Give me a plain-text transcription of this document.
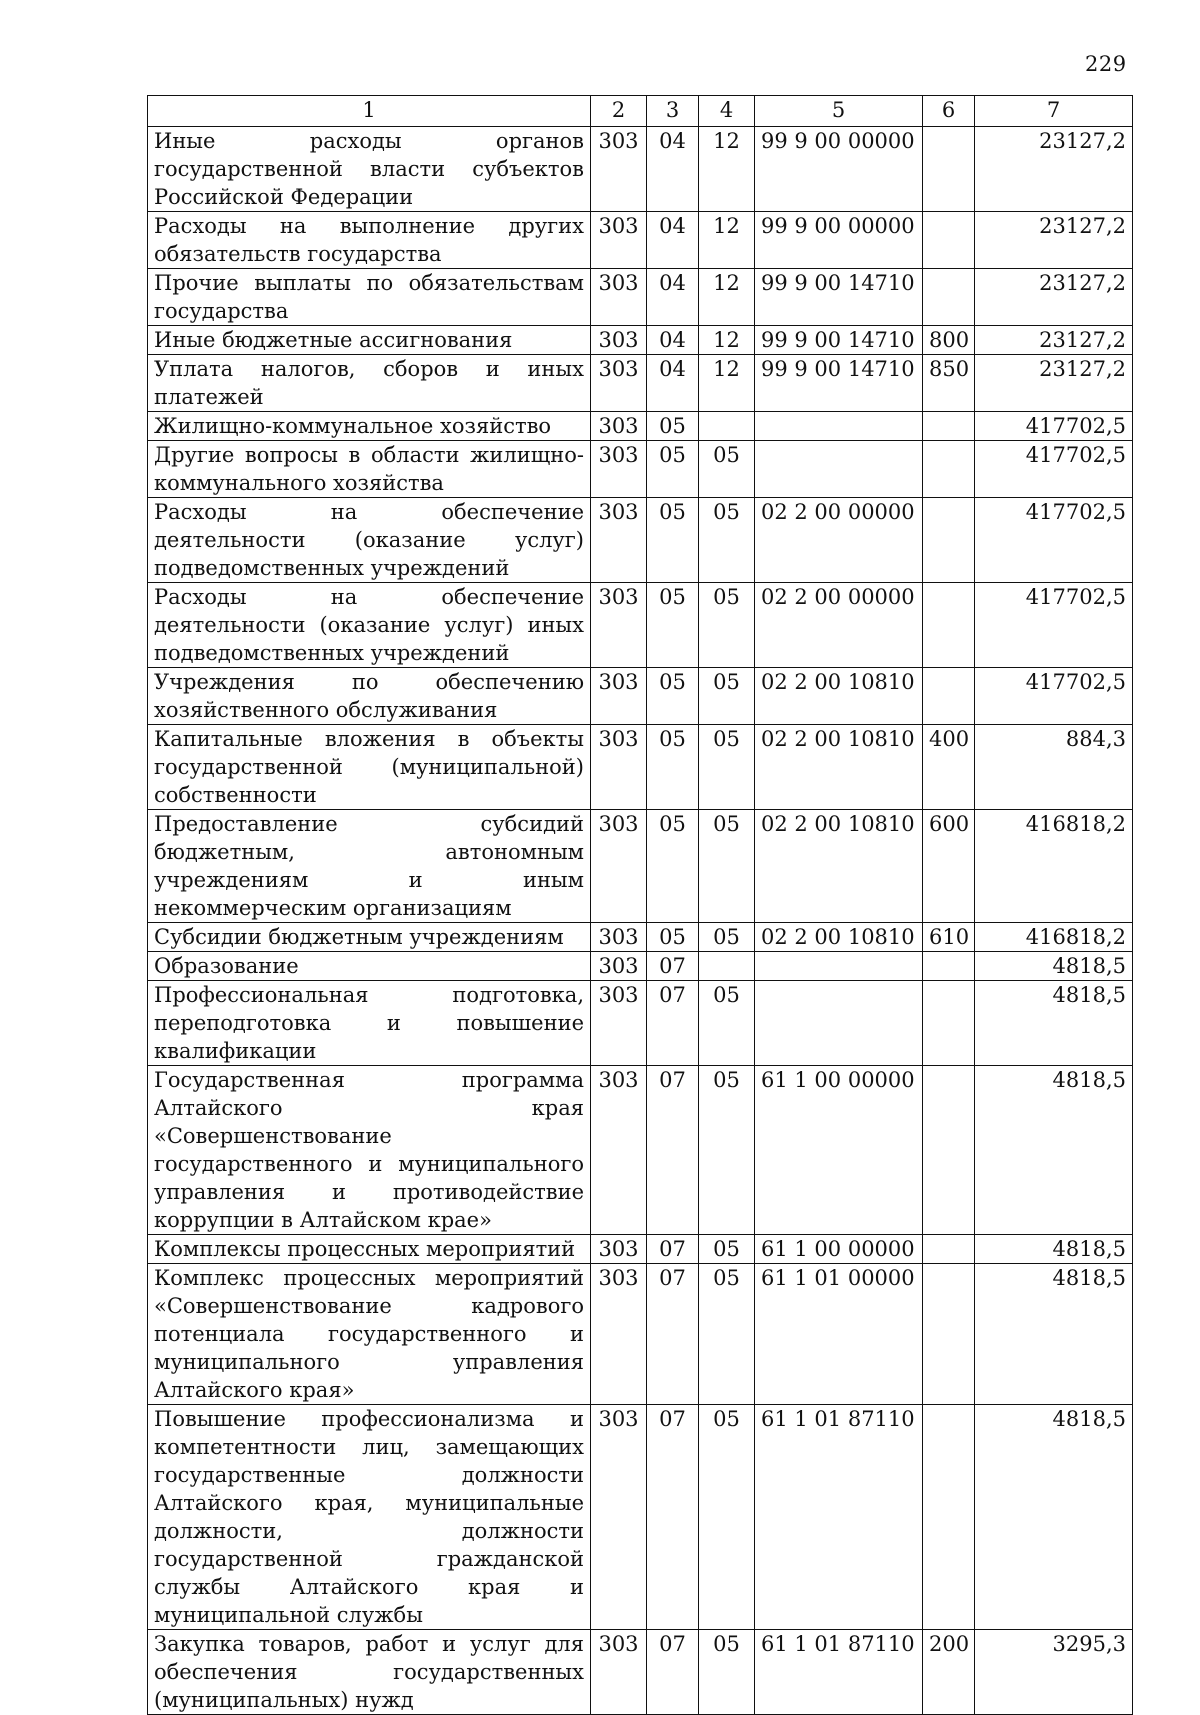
229
1	2	3	4	5	6	7
Иные расходы органов государственной власти субъектов Российской Федерации	303	04	12	99 9 00 00000		23127,2
Расходы на выполнение других обязательств государства	303	04	12	99 9 00 00000		23127,2
Прочие выплаты по обязательствам государства	303	04	12	99 9 00 14710		23127,2
Иные бюджетные ассигнования	303	04	12	99 9 00 14710	800	23127,2
Уплата налогов, сборов и иных платежей	303	04	12	99 9 00 14710	850	23127,2
Жилищно-коммунальное хозяйство	303	05				417702,5
Другие вопросы в области жилищно-коммунального хозяйства	303	05	05			417702,5
Расходы на обеспечение деятельности (оказание услуг) подведомственных учреждений	303	05	05	02 2 00 00000		417702,5
Расходы на обеспечение деятельности (оказание услуг) иных подведомственных учреждений	303	05	05	02 2 00 00000		417702,5
Учреждения по обеспечению хозяйственного обслуживания	303	05	05	02 2 00 10810		417702,5
Капитальные вложения в объекты государственной (муниципальной) собственности	303	05	05	02 2 00 10810	400	884,3
Предоставление субсидий бюджетным, автономным учреждениям и иным некоммерческим организациям	303	05	05	02 2 00 10810	600	416818,2
Субсидии бюджетным учреждениям	303	05	05	02 2 00 10810	610	416818,2
Образование	303	07				4818,5
Профессиональная подготовка, переподготовка и повышение квалификации	303	07	05			4818,5
Государственная программа Алтайского края «Совершенствование государственного и муниципального управления и противодействие коррупции в Алтайском крае»	303	07	05	61 1 00 00000		4818,5
Комплексы процессных мероприятий	303	07	05	61 1 00 00000		4818,5
Комплекс процессных мероприятий «Совершенствование кадрового потенциала государственного и муниципального управления Алтайского края»	303	07	05	61 1 01 00000		4818,5
Повышение профессионализма и компетентности лиц, замещающих государственные должности Алтайского края, муниципальные должности, должности государственной гражданской службы Алтайского края и муниципальной службы	303	07	05	61 1 01 87110		4818,5
Закупка товаров, работ и услуг для обеспечения государственных (муниципальных) нужд	303	07	05	61 1 01 87110	200	3295,3
